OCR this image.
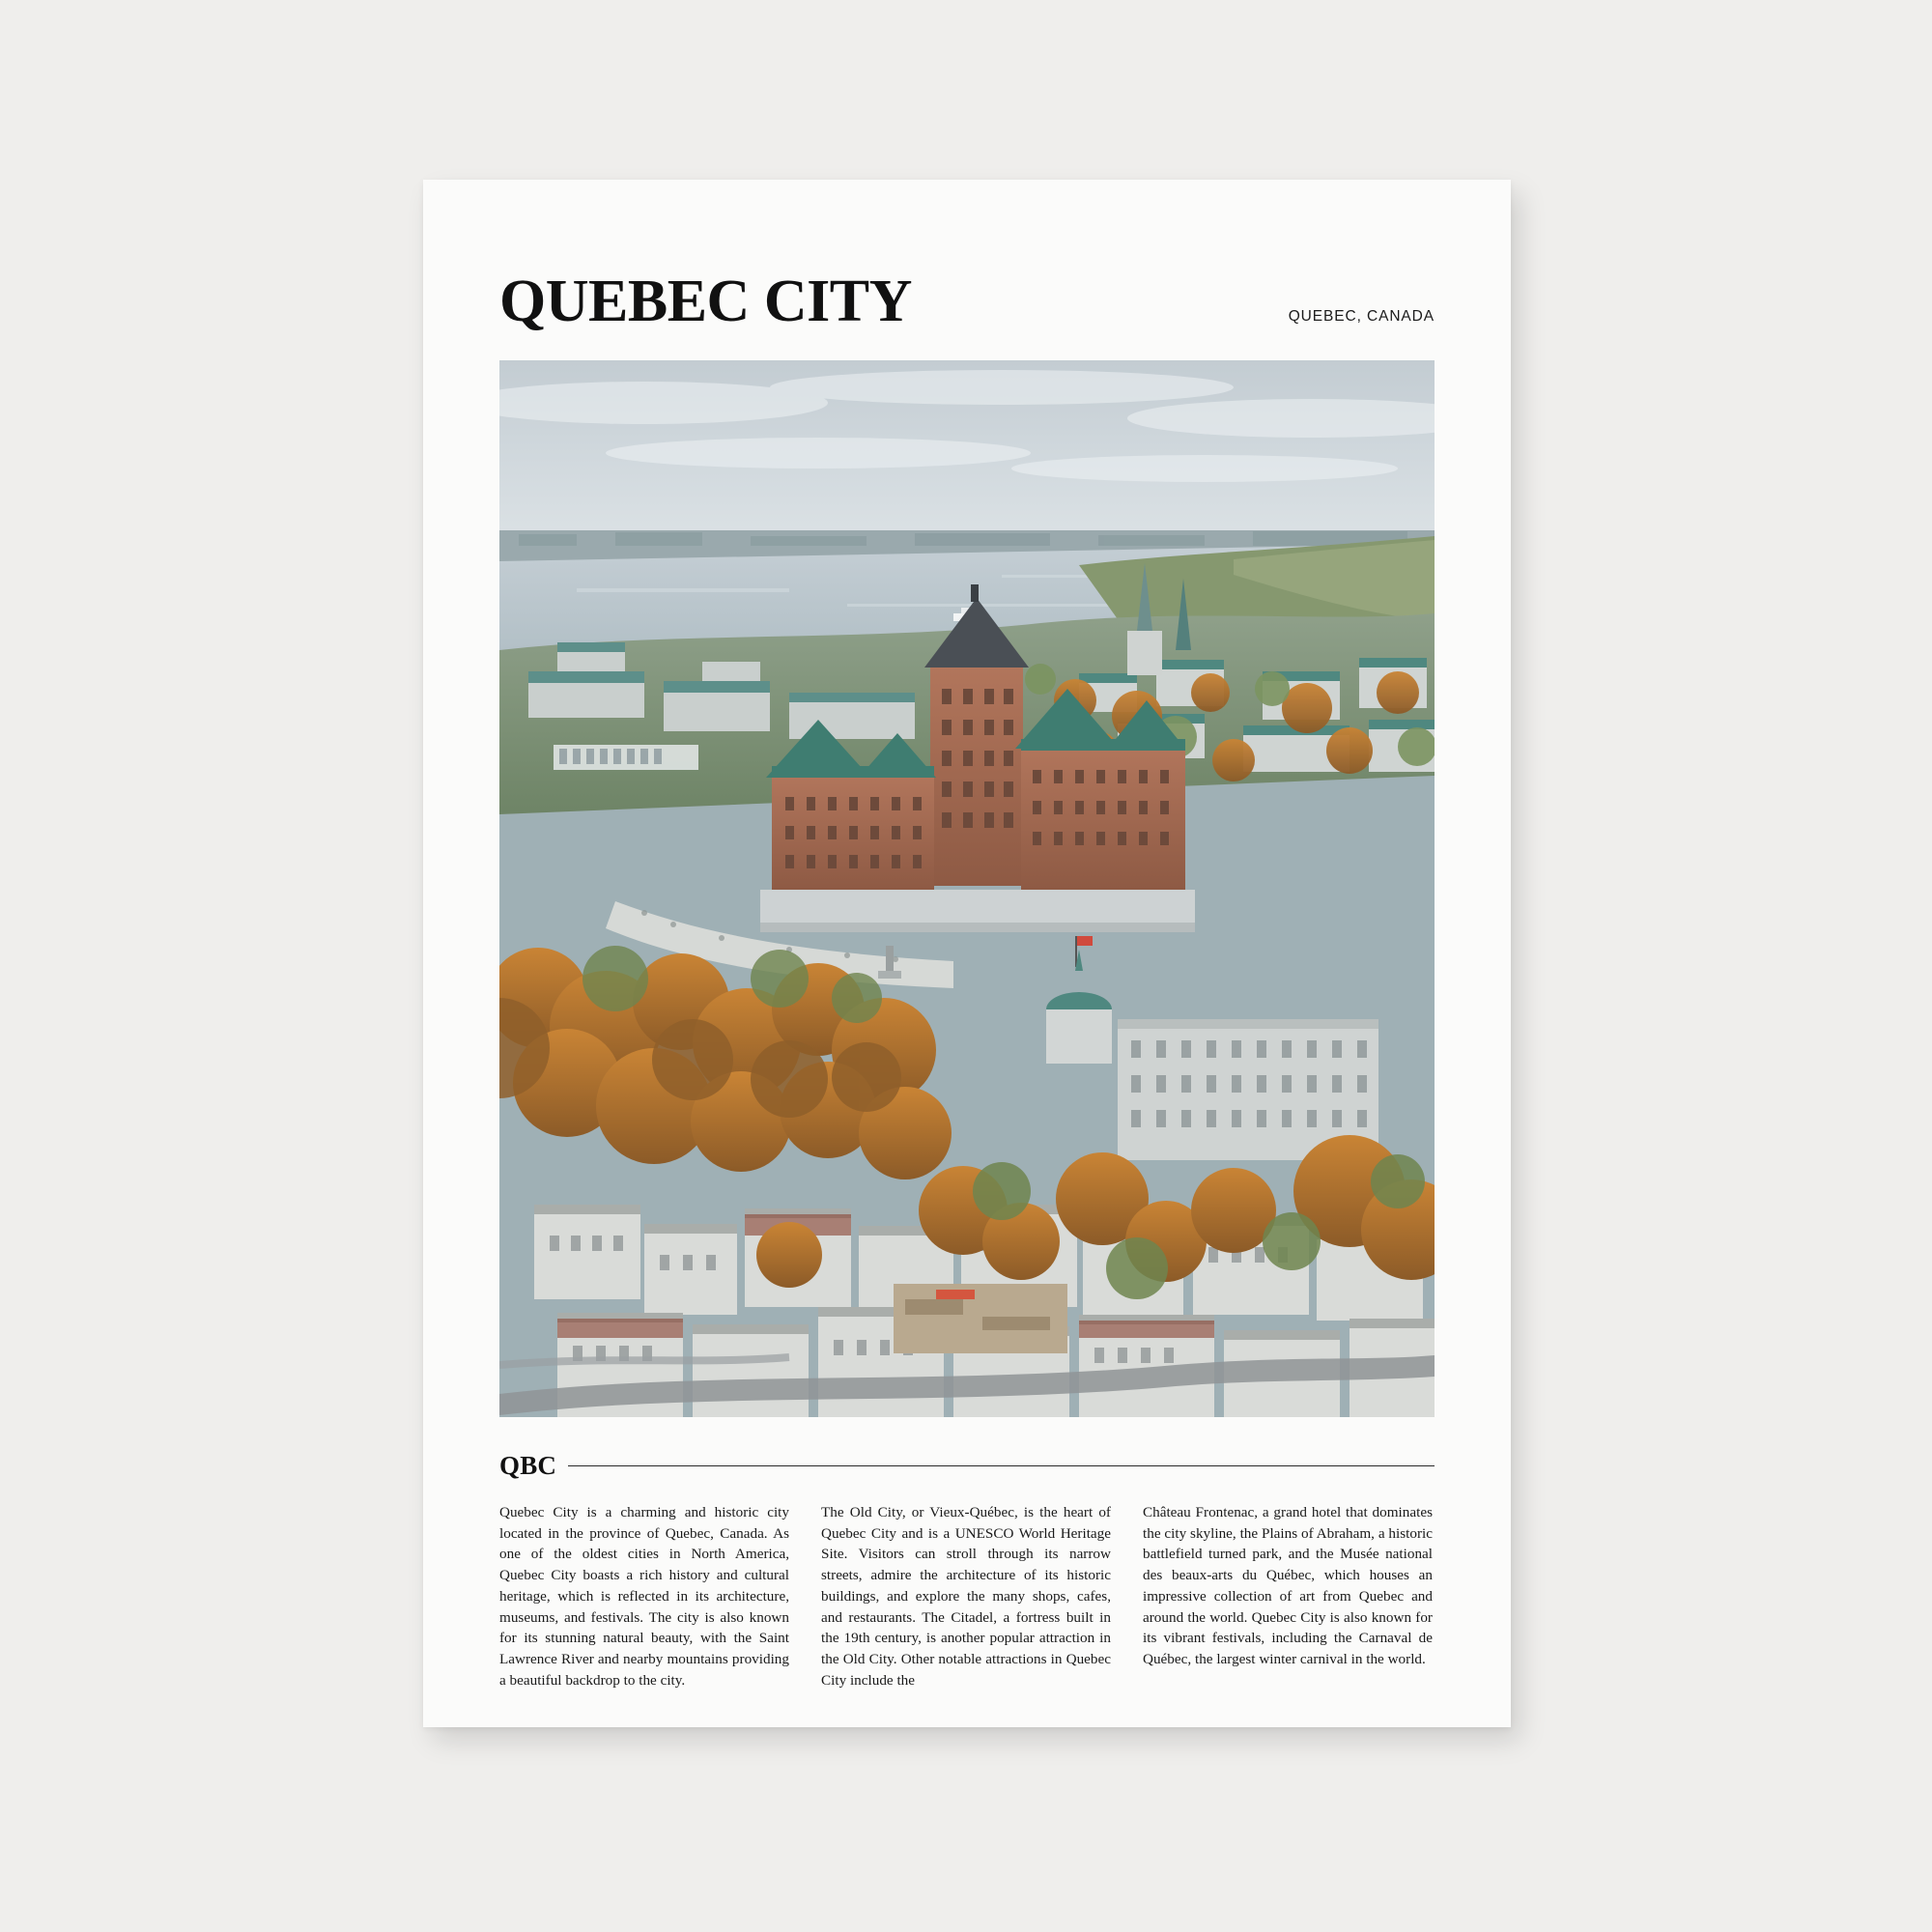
QUEBEC CITY	QUEBEC, CANADA
QBC
Quebec City is a charming and historic city located in the province of Quebec, Canada. As one of the oldest cities in North America, Quebec City boasts a rich history and cultural heritage, which is reflected in its architecture, museums, and festivals. The city is also known for its stunning natural beauty, with the Saint Lawrence River and nearby mountains providing a beautiful backdrop to the city.
The Old City, or Vieux-Québec, is the heart of Quebec City and is a UNESCO World Heritage Site. Visitors can stroll through its narrow streets, admire the architecture of its historic buildings, and explore the many shops, cafes, and restaurants. The Citadel, a fortress built in the 19th century, is another popular attraction in the Old City. Other notable attractions in Quebec City include the
Château Frontenac, a grand hotel that dominates the city skyline, the Plains of Abraham, a historic battlefield turned park, and the Musée national des beaux-arts du Québec, which houses an impressive collection of art from Quebec and around the world. Quebec City is also known for its vibrant festivals, including the Carnaval de Québec, the largest winter carnival in the world.
